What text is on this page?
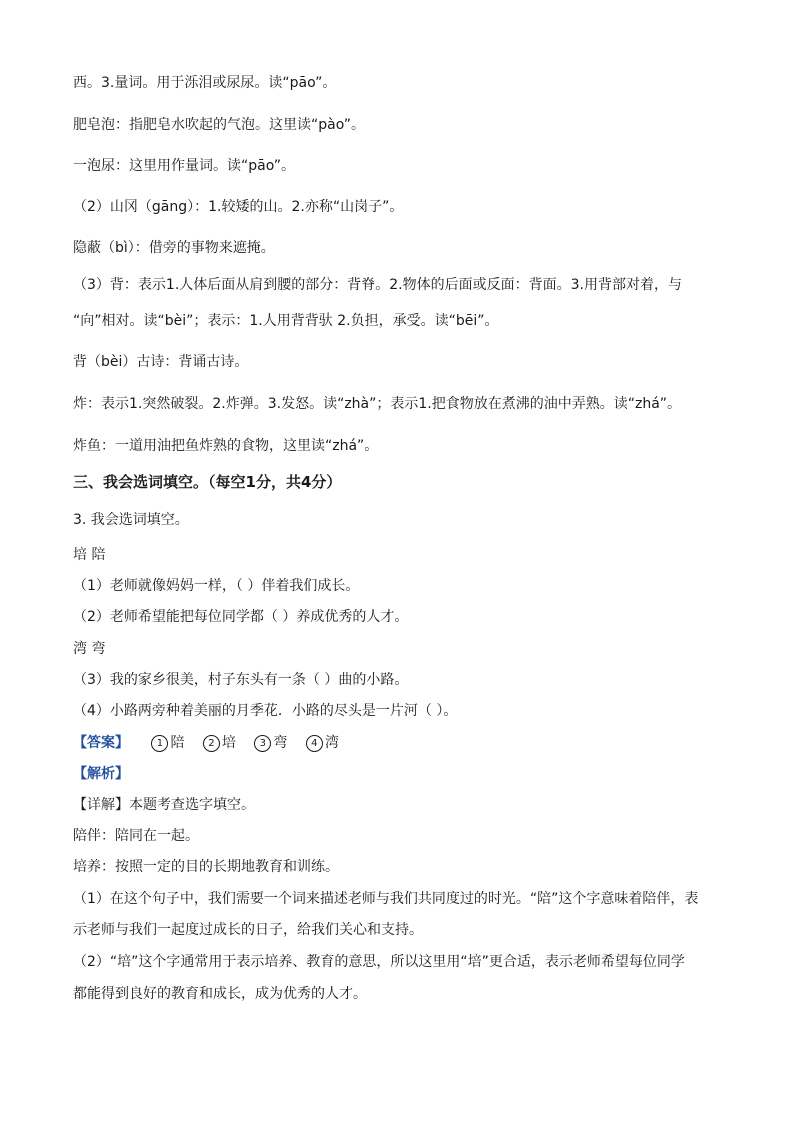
西。3.量词。用于泺泪或尿尿。读“pāo”。
肥皂泡：指肥皂水吹起的气泡。这里读“pào”。
一泡尿：这里用作量词。读“pāo”。
（2）山冈（gāng）：1.较矮的山。2.亦称“山岗子”。
隐蔽（bì）：借旁的事物来遮掩。
（3）背：表示1.人体后面从肩到腰的部分：背脊。2.物体的后面或反面：背面。3.用背部对着，与
“向”相对。读“bèi”；表示：1.人用背背驮 2.负担，承受。读“bēi”。
背（bèi）古诗：背诵古诗。
炸：表示1.突然破裂。2.炸弹。3.发怒。读“zhà”；表示1.把食物放在煮沸的油中弄熟。读“zhá”。
炸鱼：一道用油把鱼炸熟的食物，这里读“zhá”。
三、我会选词填空。（每空1分，共4分）
3. 我会选词填空。
培 陪
（1）老师就像妈妈一样，（ ）伴着我们成长。
（2）老师希望能把每位同学都（ ）养成优秀的人才。
湾 弯
（3）我的家乡很美，村子东头有一条（ ）曲的小路。
（4）小路两旁种着美丽的月季花．小路的尽头是一片河（ ）。
【答案】	1 陪 2 培 3 弯 4 湾
【解析】
【详解】本题考查选字填空。
陪伴：陪同在一起。
培养：按照一定的目的长期地教育和训练。
（1）在这个句子中，我们需要一个词来描述老师与我们共同度过的时光。“陪”这个字意味着陪伴，表
示老师与我们一起度过成长的日子，给我们关心和支持。
（2）“培”这个字通常用于表示培养、教育的意思，所以这里用“培”更合适，表示老师希望每位同学
都能得到良好的教育和成长，成为优秀的人才。
